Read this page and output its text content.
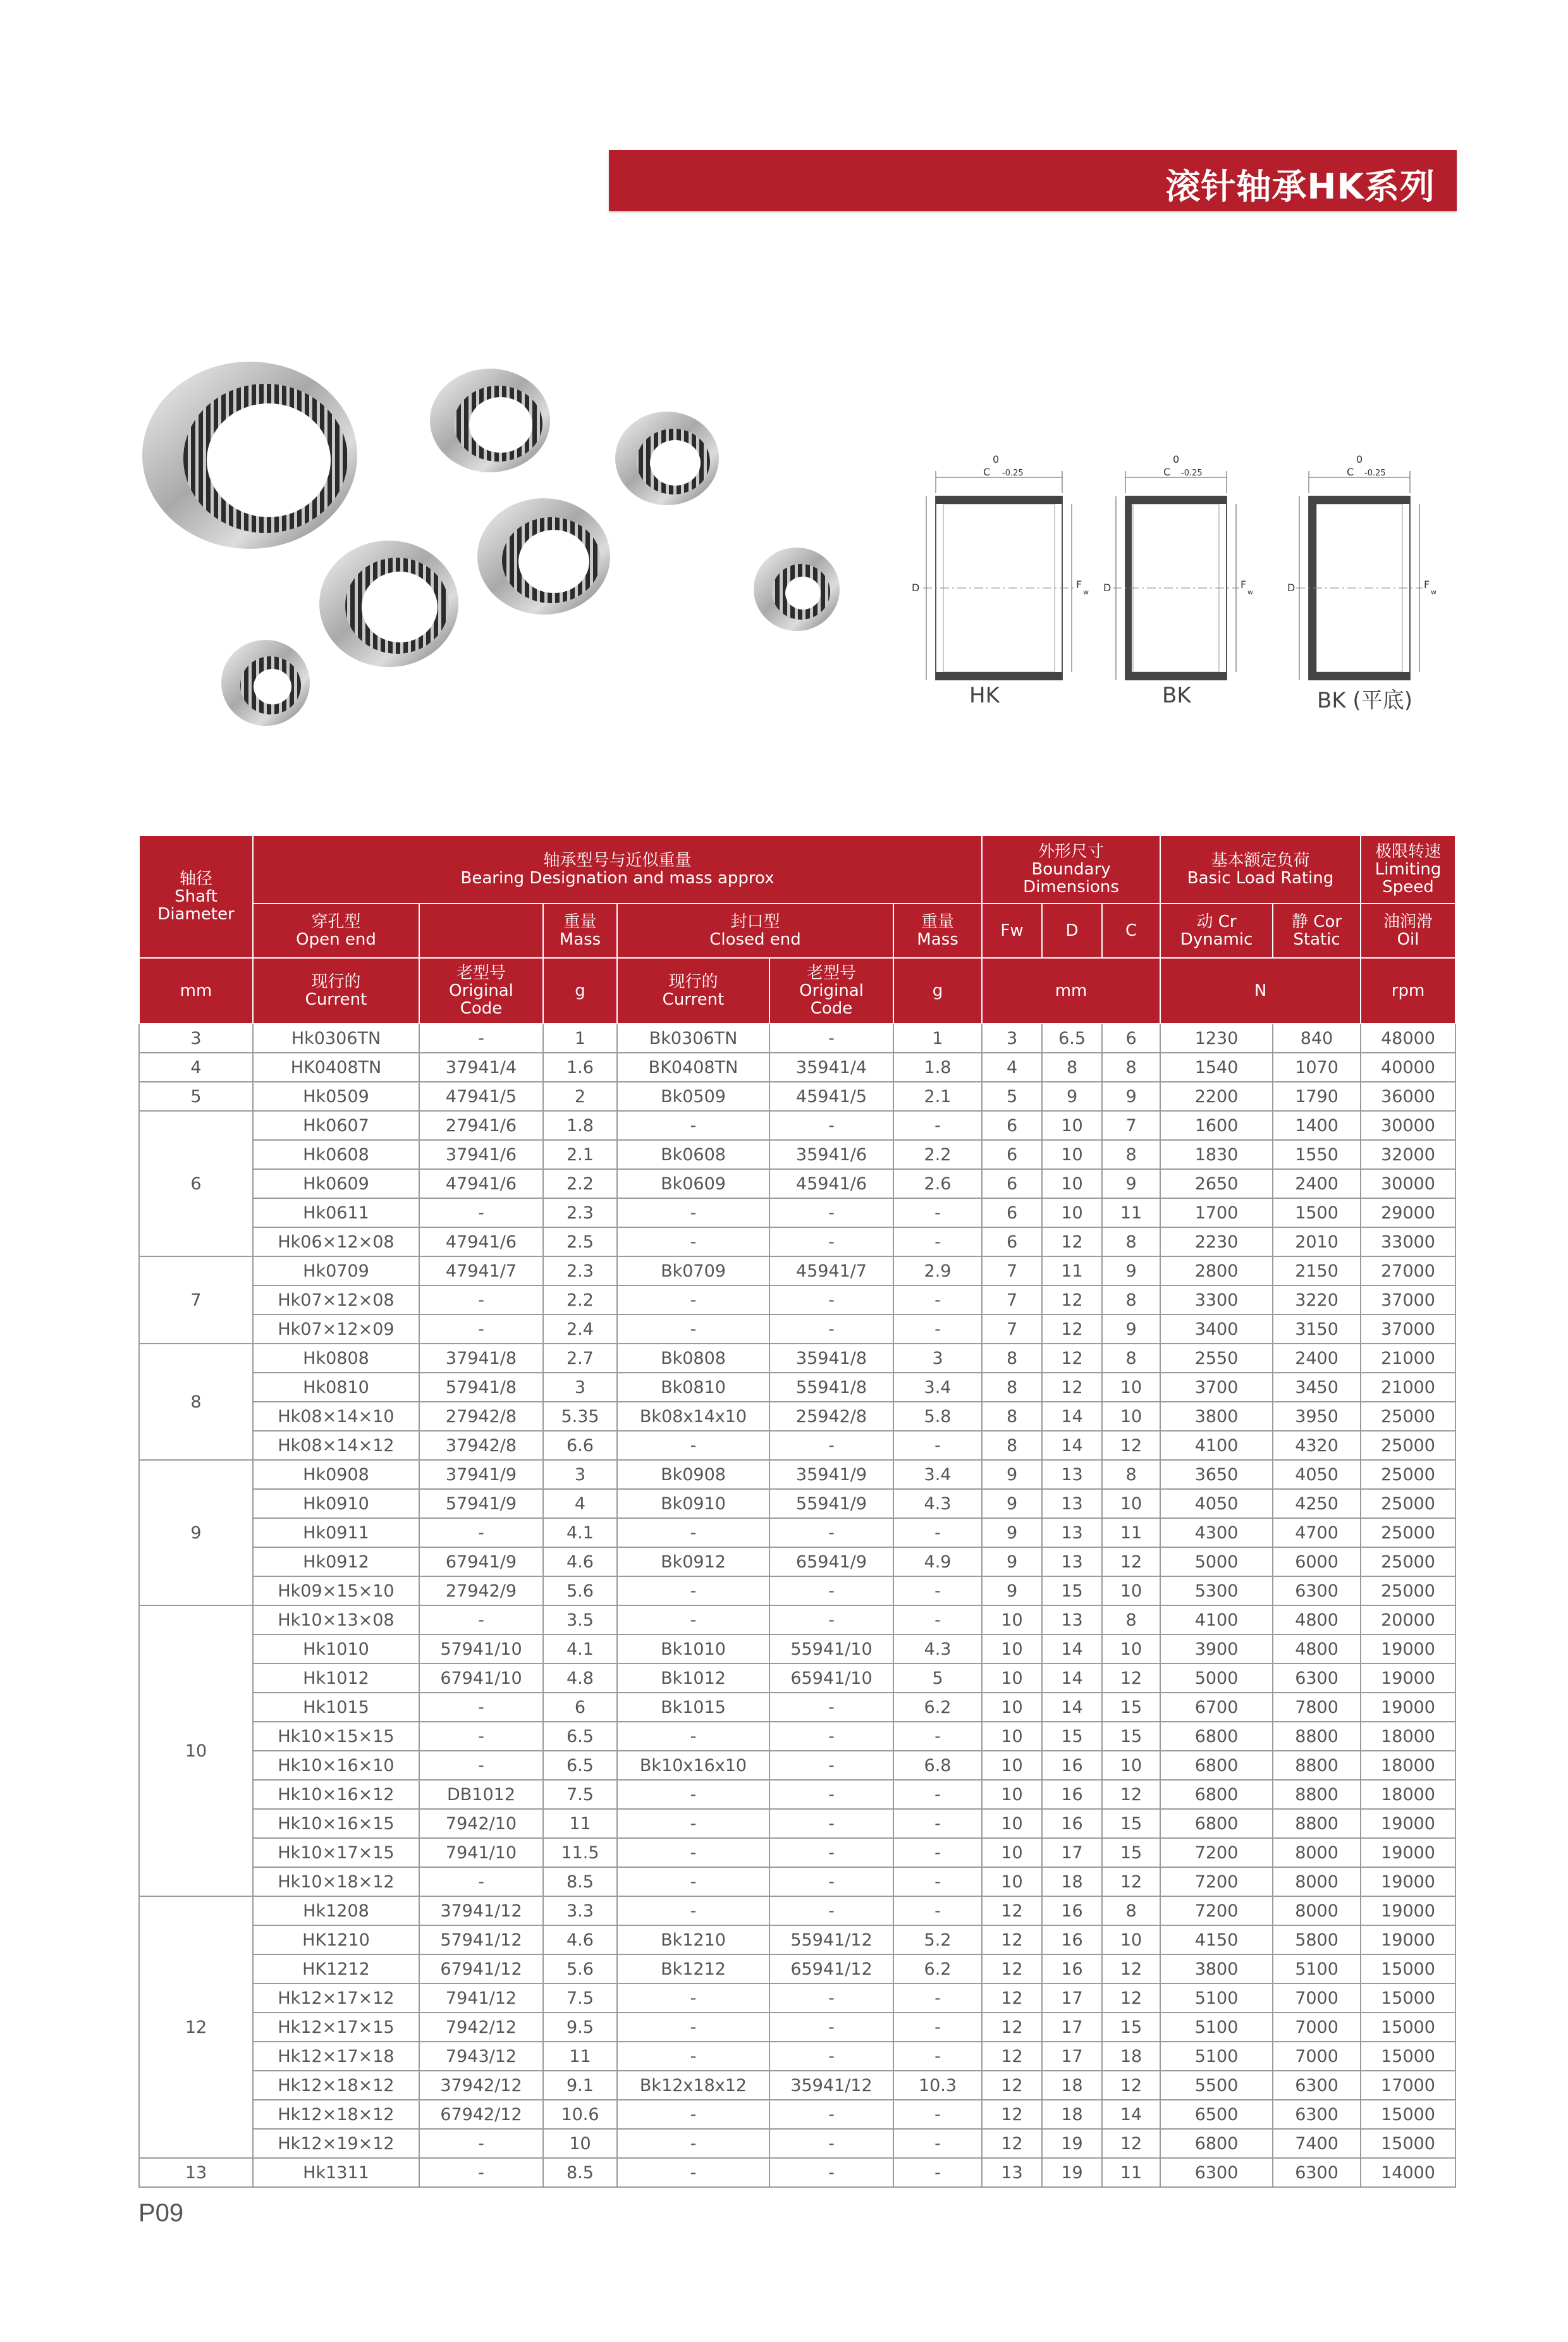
滚针轴承HK系列
0
-0.25
C
D	F
w
0
-0.25
C
D	F
w
0
-0.25
C
D	F
w
HK	BK	BK (平底)
轴径
Shaft
Diameter	轴承型号与近似重量
Bearing Designation and mass approx						外形尺寸
Boundary
Dimensions			基本额定负荷
Basic Load Rating		极限转速
Limiting
Speed
	穿孔型
Open end		重量
Mass	封口型
Closed end		重量
Mass	Fw	D	C	动 Cr
Dynamic	静 Cor
Static	油润滑
Oil
mm	现行的
Current	老型号
Original
Code	g	现行的
Current	老型号
Original
Code	g	mm			N		rpm
3	Hk0306TN	-	1	Bk0306TN	-	1	3	6.5	6	1230	840	48000
4	HK0408TN	37941/4	1.6	BK0408TN	35941/4	1.8	4	8	8	1540	1070	40000
5	Hk0509	47941/5	2	Bk0509	45941/5	2.1	5	9	9	2200	1790	36000
6	Hk0607	27941/6	1.8	-	-	-	6	10	7	1600	1400	30000
	Hk0608	37941/6	2.1	Bk0608	35941/6	2.2	6	10	8	1830	1550	32000
	Hk0609	47941/6	2.2	Bk0609	45941/6	2.6	6	10	9	2650	2400	30000
	Hk0611	-	2.3	-	-	-	6	10	11	1700	1500	29000
	Hk06×12×08	47941/6	2.5	-	-	-	6	12	8	2230	2010	33000
7	Hk0709	47941/7	2.3	Bk0709	45941/7	2.9	7	11	9	2800	2150	27000
	Hk07×12×08	-	2.2	-	-	-	7	12	8	3300	3220	37000
	Hk07×12×09	-	2.4	-	-	-	7	12	9	3400	3150	37000
8	Hk0808	37941/8	2.7	Bk0808	35941/8	3	8	12	8	2550	2400	21000
	Hk0810	57941/8	3	Bk0810	55941/8	3.4	8	12	10	3700	3450	21000
	Hk08×14×10	27942/8	5.35	Bk08x14x10	25942/8	5.8	8	14	10	3800	3950	25000
	Hk08×14×12	37942/8	6.6	-	-	-	8	14	12	4100	4320	25000
9	Hk0908	37941/9	3	Bk0908	35941/9	3.4	9	13	8	3650	4050	25000
	Hk0910	57941/9	4	Bk0910	55941/9	4.3	9	13	10	4050	4250	25000
	Hk0911	-	4.1	-	-	-	9	13	11	4300	4700	25000
	Hk0912	67941/9	4.6	Bk0912	65941/9	4.9	9	13	12	5000	6000	25000
	Hk09×15×10	27942/9	5.6	-	-	-	9	15	10	5300	6300	25000
10	Hk10×13×08	-	3.5	-	-	-	10	13	8	4100	4800	20000
	Hk1010	57941/10	4.1	Bk1010	55941/10	4.3	10	14	10	3900	4800	19000
	Hk1012	67941/10	4.8	Bk1012	65941/10	5	10	14	12	5000	6300	19000
	Hk1015	-	6	Bk1015	-	6.2	10	14	15	6700	7800	19000
	Hk10×15×15	-	6.5	-	-	-	10	15	15	6800	8800	18000
	Hk10×16×10	-	6.5	Bk10x16x10	-	6.8	10	16	10	6800	8800	18000
	Hk10×16×12	DB1012	7.5	-	-	-	10	16	12	6800	8800	18000
	Hk10×16×15	7942/10	11	-	-	-	10	16	15	6800	8800	19000
	Hk10×17×15	7941/10	11.5	-	-	-	10	17	15	7200	8000	19000
	Hk10×18×12	-	8.5	-	-	-	10	18	12	7200	8000	19000
12	Hk1208	37941/12	3.3	-	-	-	12	16	8	7200	8000	19000
	HK1210	57941/12	4.6	Bk1210	55941/12	5.2	12	16	10	4150	5800	19000
	HK1212	67941/12	5.6	Bk1212	65941/12	6.2	12	16	12	3800	5100	15000
	Hk12×17×12	7941/12	7.5	-	-	-	12	17	12	5100	7000	15000
	Hk12×17×15	7942/12	9.5	-	-	-	12	17	15	5100	7000	15000
	Hk12×17×18	7943/12	11	-	-	-	12	17	18	5100	7000	15000
	Hk12×18×12	37942/12	9.1	Bk12x18x12	35941/12	10.3	12	18	12	5500	6300	17000
	Hk12×18×12	67942/12	10.6	-	-	-	12	18	14	6500	6300	15000
	Hk12×19×12	-	10	-	-	-	12	19	12	6800	7400	15000
13	Hk1311	-	8.5	-	-	-	13	19	11	6300	6300	14000
P09
